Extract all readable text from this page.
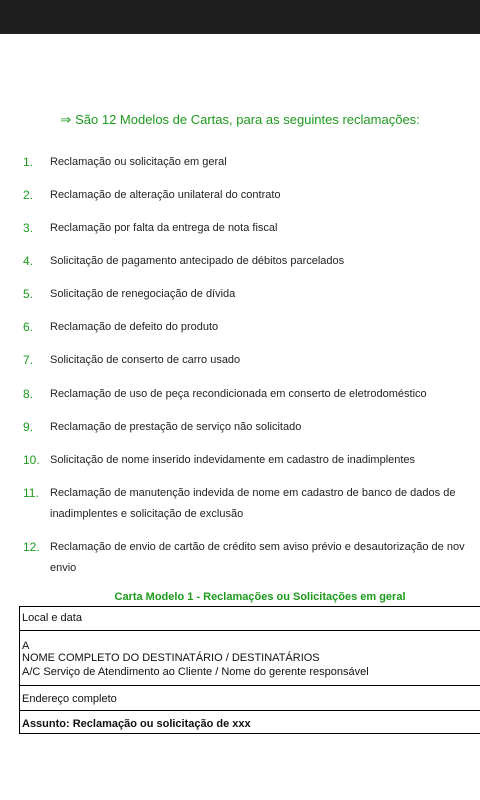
⇒ São 12 Modelos de Cartas, para as seguintes reclamações:
1. Reclamação ou solicitação em geral
2. Reclamação de alteração unilateral do contrato
3. Reclamação por falta da entrega de nota fiscal
4. Solicitação de pagamento antecipado de débitos parcelados
5. Solicitação de renegociação de dívida
6. Reclamação de defeito do produto
7. Solicitação de conserto de carro usado
8. Reclamação de uso de peça recondicionada em conserto de eletrodoméstico
9. Reclamação de prestação de serviço não solicitado
10. Solicitação de nome inserido indevidamente em cadastro de inadimplentes
11. Reclamação de manutenção indevida de nome em cadastro de banco de dados de
inadimplentes e solicitação de exclusão
12. Reclamação de envio de cartão de crédito sem aviso prévio e desautorização de nov
envio
Carta Modelo 1 - Reclamações ou Solicitações em geral
Local e data
A
NOME COMPLETO DO DESTINATÁRIO / DESTINATÁRIOS
A/C Serviço de Atendimento ao Cliente / Nome do gerente responsável
Endereço completo
Assunto: Reclamação ou solicitação de xxx
